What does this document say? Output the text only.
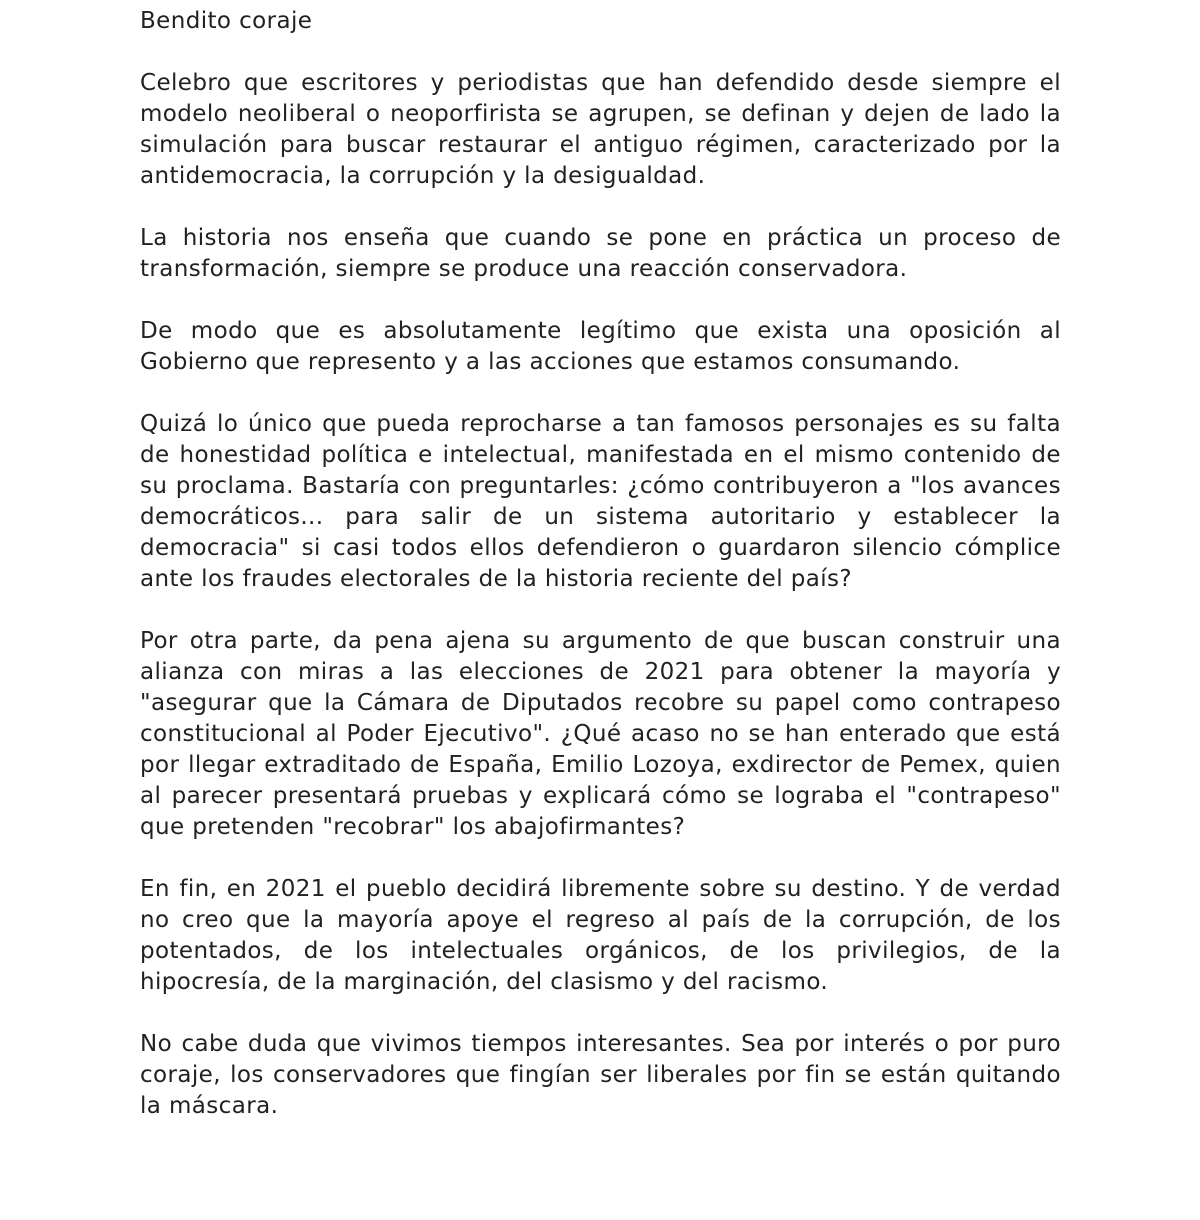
Bendito coraje

Celebro que escritores y periodistas que han defendido desde siempre el modelo neoliberal o neoporfirista se agrupen, se definan y dejen de lado la simulación para buscar restaurar el antiguo régimen, caracterizado por la antidemocracia, la corrupción y la desigualdad.

La historia nos enseña que cuando se pone en práctica un proceso de transformación, siempre se produce una reacción conservadora.

De modo que es absolutamente legítimo que exista una oposición al Gobierno que represento y a las acciones que estamos consumando.

Quizá lo único que pueda reprocharse a tan famosos personajes es su falta de honestidad política e intelectual, manifestada en el mismo contenido de su proclama. Bastaría con preguntarles: ¿cómo contribuyeron a "los avances democráticos... para salir de un sistema autoritario y establecer la democracia" si casi todos ellos defendieron o guardaron silencio cómplice ante los fraudes electorales de la historia reciente del país?

Por otra parte, da pena ajena su argumento de que buscan construir una alianza con miras a las elecciones de 2021 para obtener la mayoría y "asegurar que la Cámara de Diputados recobre su papel como contrapeso constitucional al Poder Ejecutivo". ¿Qué acaso no se han enterado que está por llegar extraditado de España, Emilio Lozoya, exdirector de Pemex, quien al parecer presentará pruebas y explicará cómo se lograba el "contrapeso" que pretenden "recobrar" los abajofirmantes?

En fin, en 2021 el pueblo decidirá libremente sobre su destino. Y de verdad no creo que la mayoría apoye el regreso al país de la corrupción, de los potentados, de los intelectuales orgánicos, de los privilegios, de la hipocresía, de la marginación, del clasismo y del racismo.

No cabe duda que vivimos tiempos interesantes. Sea por interés o por puro coraje, los conservadores que fingían ser liberales por fin se están quitando la máscara.
